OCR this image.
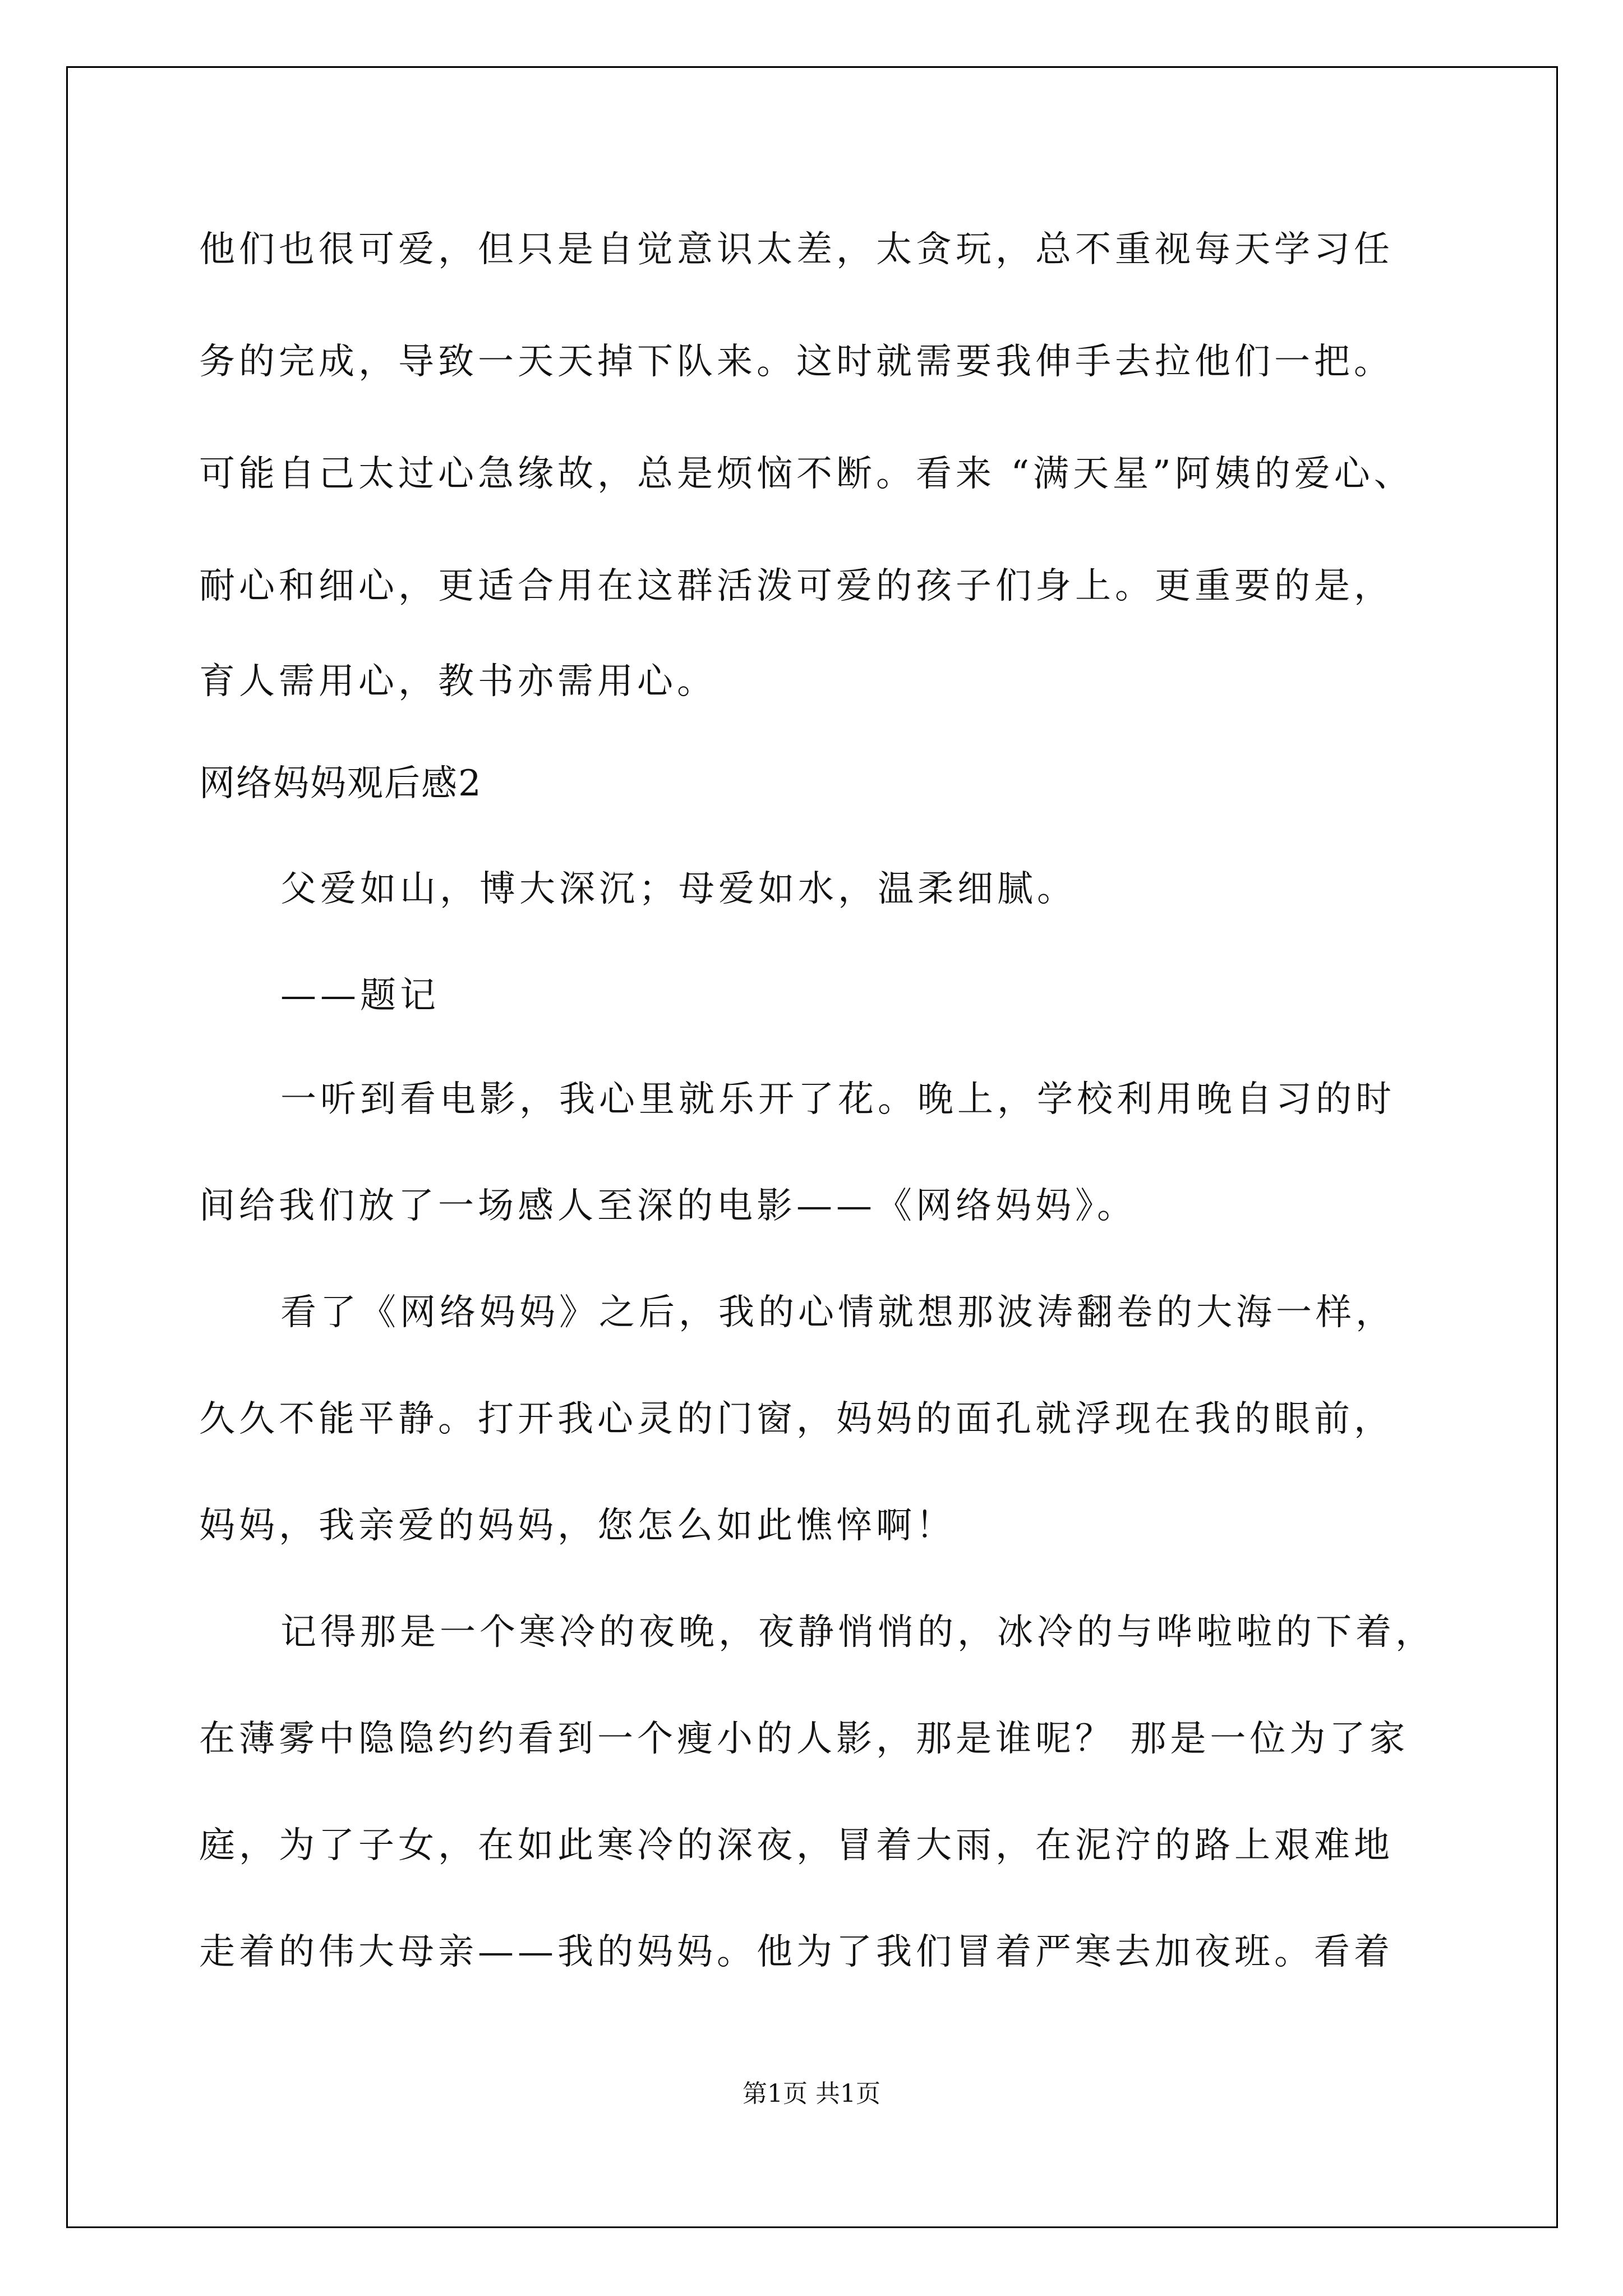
他们也很可爱，但只是自觉意识太差，太贪玩，总不重视每天学习任

务的完成，导致一天天掉下队来。这时就需要我伸手去拉他们一把。

可能自己太过心急缘故，总是烦恼不断。看来 “满天星”阿姨的爱心、

耐心和细心，更适合用在这群活泼可爱的孩子们身上。更重要的是，

育人需用心，教书亦需用心。

网络妈妈观后感2

父爱如山，博大深沉；母爱如水，温柔细腻。

——题记

一听到看电影，我心里就乐开了花。晚上，学校利用晚自习的时

间给我们放了一场感人至深的电影——《网络妈妈》。

看了《网络妈妈》之后，我的心情就想那波涛翻卷的大海一样，

久久不能平静。打开我心灵的门窗，妈妈的面孔就浮现在我的眼前，

妈妈，我亲爱的妈妈，您怎么如此憔悴啊！

记得那是一个寒冷的夜晚，夜静悄悄的，冰冷的与哗啦啦的下着，

在薄雾中隐隐约约看到一个瘦小的人影，那是谁呢？ 那是一位为了家

庭，为了子女，在如此寒冷的深夜，冒着大雨，在泥泞的路上艰难地

走着的伟大母亲——我的妈妈。他为了我们冒着严寒去加夜班。看着

第1页 共1页
